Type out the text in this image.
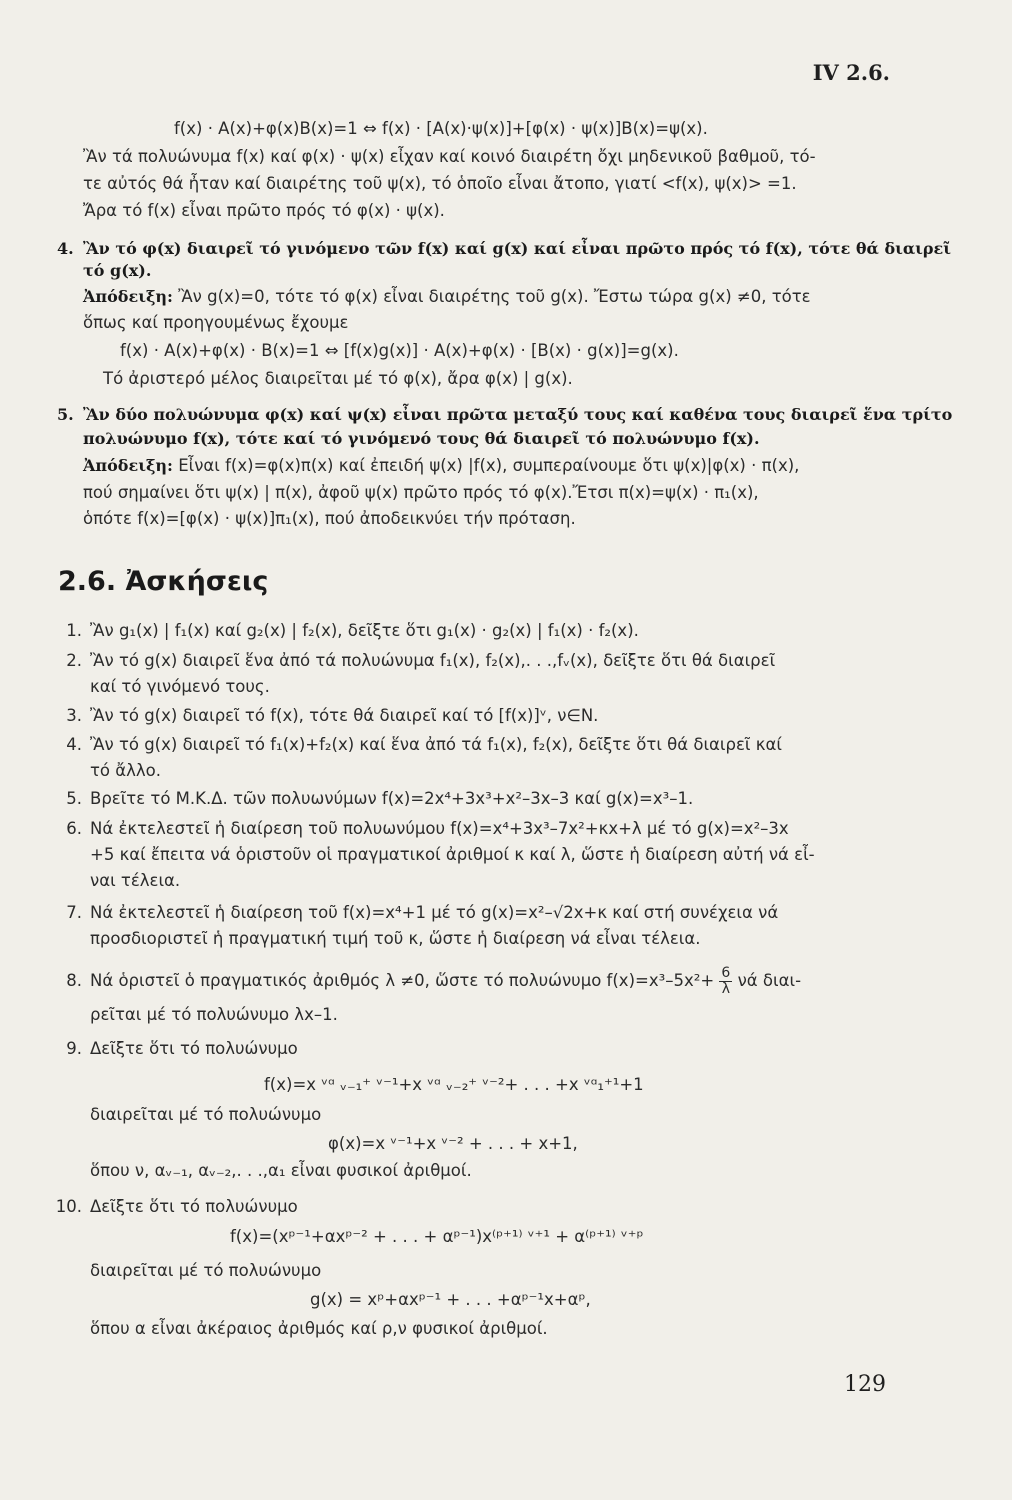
IV 2.6.
f(x) · A(x)+φ(x)B(x)=1 ⇔ f(x) · [A(x)·ψ(x)]+[φ(x) · ψ(x)]B(x)=ψ(x).
Ἂν τά πολυώνυμα f(x) καί φ(x) · ψ(x) εἶχαν καί κοινό διαιρέτη ὄχι μηδενικοῦ βαθμοῦ, τό-
τε αὐτός θά ἦταν καί διαιρέτης τοῦ ψ(x), τό ὁποῖο εἶναι ἄτοπο, γιατί <f(x), ψ(x)> =1.
Ἄρα τό f(x) εἶναι πρῶτο πρός τό φ(x) · ψ(x).
4. Ἂν τό φ(x) διαιρεῖ τό γινόμενο τῶν f(x) καί g(x) καί εἶναι πρῶτο πρός τό f(x), τότε θά διαιρεῖ
τό g(x).
Ἀπόδειξη: Ἂν g(x)=0, τότε τό φ(x) εἶναι διαιρέτης τοῦ g(x). Ἔστω τώρα g(x) ≠0, τότε
ὅπως καί προηγουμένως ἔχουμε
f(x) · A(x)+φ(x) · B(x)=1 ⇔ [f(x)g(x)] · A(x)+φ(x) · [B(x) · g(x)]=g(x).
Τό ἀριστερό μέλος διαιρεῖται μέ τό φ(x), ἄρα φ(x) | g(x).
5. Ἂν δύο πολυώνυμα φ(x) καί ψ(x) εἶναι πρῶτα μεταξύ τους καί καθένα τους διαιρεῖ ἕνα τρίτο
πολυώνυμο f(x), τότε καί τό γινόμενό τους θά διαιρεῖ τό πολυώνυμο f(x).
Ἀπόδειξη: Εἶναι f(x)=φ(x)π(x) καί ἐπειδή ψ(x) |f(x), συμπεραίνουμε ὅτι ψ(x)|φ(x) · π(x),
πού σημαίνει ὅτι ψ(x) | π(x), ἀφοῦ ψ(x) πρῶτο πρός τό φ(x).Ἔτσι π(x)=ψ(x) · π₁(x),
ὁπότε f(x)=[φ(x) · ψ(x)]π₁(x), πού ἀποδεικνύει τήν πρόταση.
2.6. Ἀσκήσεις
1. Ἂν g₁(x) | f₁(x) καί g₂(x) | f₂(x), δεῖξτε ὅτι g₁(x) · g₂(x) | f₁(x) · f₂(x).
2. Ἂν τό g(x) διαιρεῖ ἕνα ἀπό τά πολυώνυμα f₁(x), f₂(x),. . .,fᵥ(x), δεῖξτε ὅτι θά διαιρεῖ
καί τό γινόμενό τους.
3. Ἂν τό g(x) διαιρεῖ τό f(x), τότε θά διαιρεῖ καί τό [f(x)]ᵛ, ν∈N.
4. Ἂν τό g(x) διαιρεῖ τό f₁(x)+f₂(x) καί ἕνα ἀπό τά f₁(x), f₂(x), δεῖξτε ὅτι θά διαιρεῖ καί
τό ἄλλο.
5. Βρεῖτε τό Μ.Κ.Δ. τῶν πολυωνύμων f(x)=2x⁴+3x³+x²–3x–3 καί g(x)=x³–1.
6. Νά ἐκτελεστεῖ ἡ διαίρεση τοῦ πολυωνύμου f(x)=x⁴+3x³–7x²+κx+λ μέ τό g(x)=x²–3x
+5 καί ἔπειτα νά ὁριστοῦν οἱ πραγματικοί ἀριθμοί κ καί λ, ὥστε ἡ διαίρεση αὐτή νά εἶ-
ναι τέλεια.
7. Νά ἐκτελεστεῖ ἡ διαίρεση τοῦ f(x)=x⁴+1 μέ τό g(x)=x²–√2x+κ καί στή συνέχεια νά
προσδιοριστεῖ ἡ πραγματική τιμή τοῦ κ, ὥστε ἡ διαίρεση νά εἶναι τέλεια.
8. Νά ὁριστεῖ ὁ πραγματικός ἀριθμός λ ≠0, ὥστε τό πολυώνυμο $f(x)=x^3-5x^2+ \frac{6}{\lambda}$ νά διαι-
ρεῖται μέ τό πολυώνυμο λx–1.
9. Δεῖξτε ὅτι τό πολυώνυμο
f(x)=x ᵛᵅ ᵥ₋₁⁺ ᵛ⁻¹+x ᵛᵅ ᵥ₋₂⁺ ᵛ⁻²+ . . . +x ᵛᵅ₁⁺¹+1
διαιρεῖται μέ τό πολυώνυμο
φ(x)=x ᵛ⁻¹+x ᵛ⁻² + . . . + x+1,
ὅπου ν, αᵥ₋₁, αᵥ₋₂,. . .,α₁ εἶναι φυσικοί ἀριθμοί.
10. Δεῖξτε ὅτι τό πολυώνυμο
f(x)=(xᵖ⁻¹+αxᵖ⁻² + . . . + αᵖ⁻¹)x⁽ᵖ⁺¹⁾ ᵛ⁺¹ + α⁽ᵖ⁺¹⁾ ᵛ⁺ᵖ
διαιρεῖται μέ τό πολυώνυμο
g(x) = xᵖ+αxᵖ⁻¹ + . . . +αᵖ⁻¹x+αᵖ,
ὅπου α εἶναι ἀκέραιος ἀριθμός καί ρ,ν φυσικοί ἀριθμοί.
129
